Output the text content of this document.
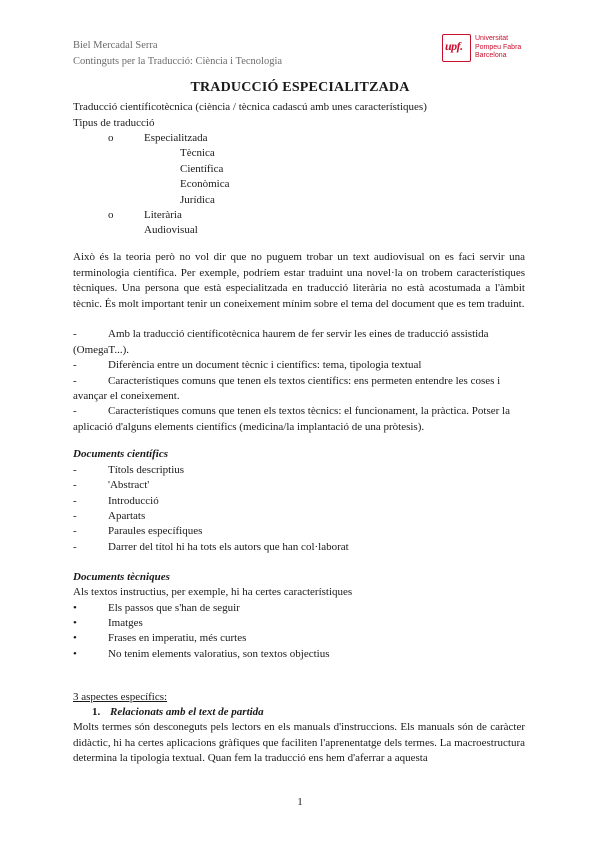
Biel Mercadal Serra
Continguts per la Traducció: Ciència i Tecnologia
upf.
Universitat
Pompeu Fabra
Barcelona
TRADUCCIÓ ESPECIALITZADA
Traducció científicotècnica (ciència / tècnica cadascú amb unes característiques)
Tipus de traducció
o	Especialitzada
Tècnica
Científica
Econòmica
Jurídica
o	Literària
Audiovisual
Això és la teoria però no vol dir que no puguem trobar un text audiovisual on es faci servir una terminologia científica. Per exemple, podríem estar traduint una novel·la on trobem característiques tècniques. Una persona que està especialitzada en traducció literària no està acostumada a l'àmbit tècnic. És molt important tenir un coneixement mínim sobre el tema del document que es tem traduint.
-	Amb la traducció científicotècnica haurem de fer servir les eines de traducció assistida
(OmegaT...).
-	Diferència entre un document tècnic i científics: tema, tipologia textual
-	Característiques comuns que tenen els textos científics: ens permeten entendre les coses i
avançar el coneixement.
-	Característiques comuns que tenen els textos tècnics: el funcionament, la pràctica. Potser la
aplicació d'alguns elements científics (medicina/la implantació de una pròtesis).
Documents científics
-	Títols descriptius
-	'Abstract'
-	Introducció
-	Apartats
-	Paraules específiques
-	Darrer del títol hi ha tots els autors que han col·laborat
Documents tècniques
Als textos instructius, per exemple, hi ha certes característiques
•	Els passos que s'han de seguir
•	Imatges
•	Frases en imperatiu, més curtes
•	No tenim elements valoratius, son textos objectius
3 aspectes específics:
1. Relacionats amb el text de partida
Molts termes són desconeguts pels lectors en els manuals d'instruccions. Els manuals són de caràcter didàctic, hi ha certes aplicacions gràfiques que faciliten l'aprenentatge dels termes. La macroestructura determina la tipologia textual. Quan fem la traducció ens hem d'aferrar a aquesta
1
